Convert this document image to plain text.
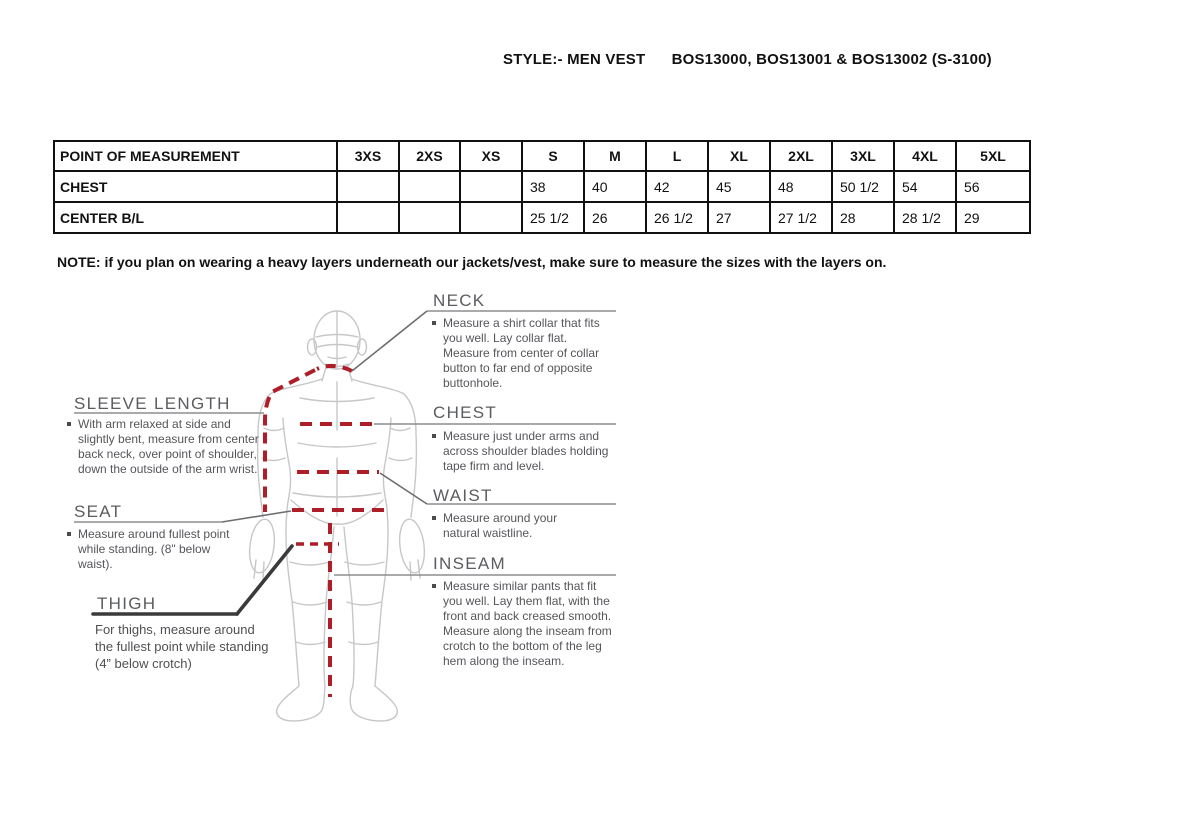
STYLE:- MEN VEST      BOS13000, BOS13001 & BOS13002 (S-3100)
POINT OF MEASUREMENT	3XS	2XS	XS	S	M	L	XL	2XL	3XL	4XL	5XL
CHEST				38	40	42	45	48	50 1/2	54	56
CENTER B/L				25 1/2	26	26 1/2	27	27 1/2	28	28 1/2	29
NOTE: if you plan on wearing a heavy layers underneath our jackets/vest, make sure to measure the sizes with the layers on.
NECK
Measure a shirt collar that fits you well. Lay collar flat. Measure from center of collar button to far end of opposite buttonhole.
CHEST
Measure just under arms and across shoulder blades holding tape firm and level.
WAIST
Measure around your natural waistline.
INSEAM
Measure similar pants that fit you well. Lay them flat, with the front and back creased smooth. Measure along the inseam from crotch to the bottom of the leg hem along the inseam.
SLEEVE LENGTH
With arm relaxed at side and slightly bent, measure from center back neck, over point of shoulder, down the outside of the arm wrist.
SEAT
Measure around fullest point while standing. (8" below waist).
THIGH
For thighs, measure around the fullest point while standing (4” below crotch)
